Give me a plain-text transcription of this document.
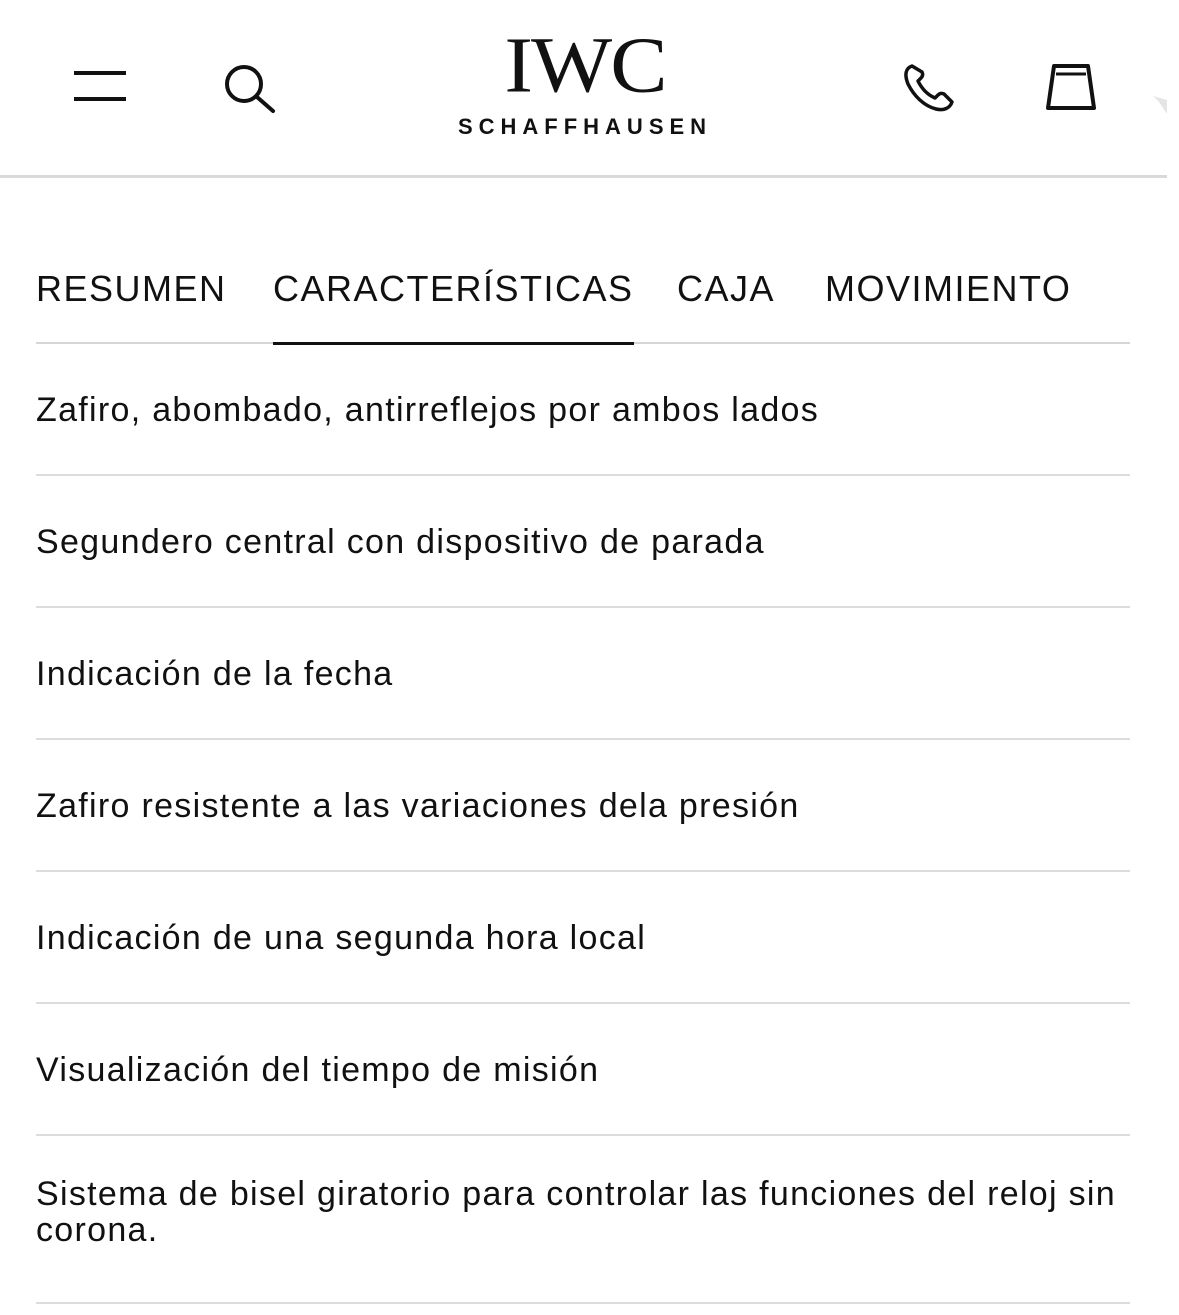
IWC
SCHAFFHAUSEN
RESUMEN CARACTERÍSTICAS CAJA MOVIMIENTO
Zafiro, abombado, antirreflejos por ambos lados
Segundero central con dispositivo de parada
Indicación de la fecha
Zafiro resistente a las variaciones dela presión
Indicación de una segunda hora local
Visualización del tiempo de misión
Sistema de bisel giratorio para controlar las funciones del reloj sin corona.
